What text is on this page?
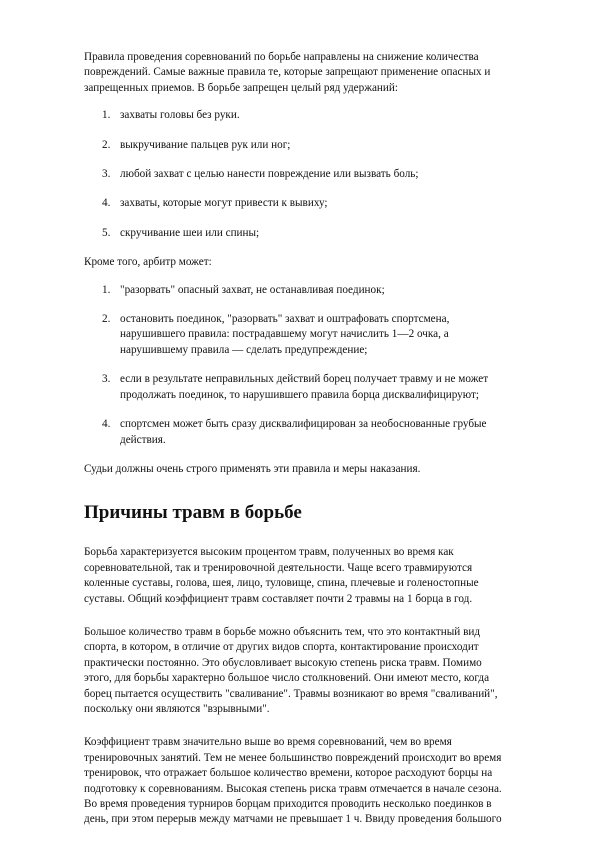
Правила проведения соревнований по борьбе направлены на снижение количества повреждений. Самые важные правила те, которые запрещают применение опасных и запрещенных приемов. В борьбе запрещен целый ряд удержаний:

1. захваты головы без руки.
2. выкручивание пальцев рук или ног;
3. любой захват с целью нанести повреждение или вызвать боль;
4. захваты, которые могут привести к вывиху;
5. скручивание шеи или спины;

Кроме того, арбитр может:

1. "разорвать" опасный захват, не останавливая поединок;
2. остановить поединок, "разорвать" захват и оштрафовать спортсмена, нарушившего правила: пострадавшему могут начислить 1—2 очка, а нарушившему правила — сделать предупреждение;
3. если в результате неправильных действий борец получает травму и не может продолжать поединок, то нарушившего правила борца дисквалифицируют;
4. спортсмен может быть сразу дисквалифицирован за необоснованные грубые действия.

Судьи должны очень строго применять эти правила и меры наказания.

Причины травм в борьбе

Борьба характеризуется высоким процентом травм, полученных во время как соревновательной, так и тренировочной деятельности. Чаще всего травмируются коленные суставы, голова, шея, лицо, туловище, спина, плечевые и голеностопные суставы. Общий коэффициент травм составляет почти 2 травмы на 1 борца в год.

Большое количество травм в борьбе можно объяснить тем, что это контактный вид спорта, в котором, в отличие от других видов спорта, контактирование происходит практически постоянно. Это обусловливает высокую степень риска травм. Помимо этого, для борьбы характерно большое число столкновений. Они имеют место, когда борец пытается осуществить "сваливание". Травмы возникают во время "сваливаний", поскольку они являются "взрывными".

Коэффициент травм значительно выше во время соревнований, чем во время тренировочных занятий. Тем не менее большинство повреждений происходит во время тренировок, что отражает большое количество времени, которое расходуют борцы на подготовку к соревнованиям. Высокая степень риска травм отмечается в начале сезона. Во время проведения турниров борцам приходится проводить несколько поединков в день, при этом перерыв между матчами не превышает 1 ч. Ввиду проведения большого
